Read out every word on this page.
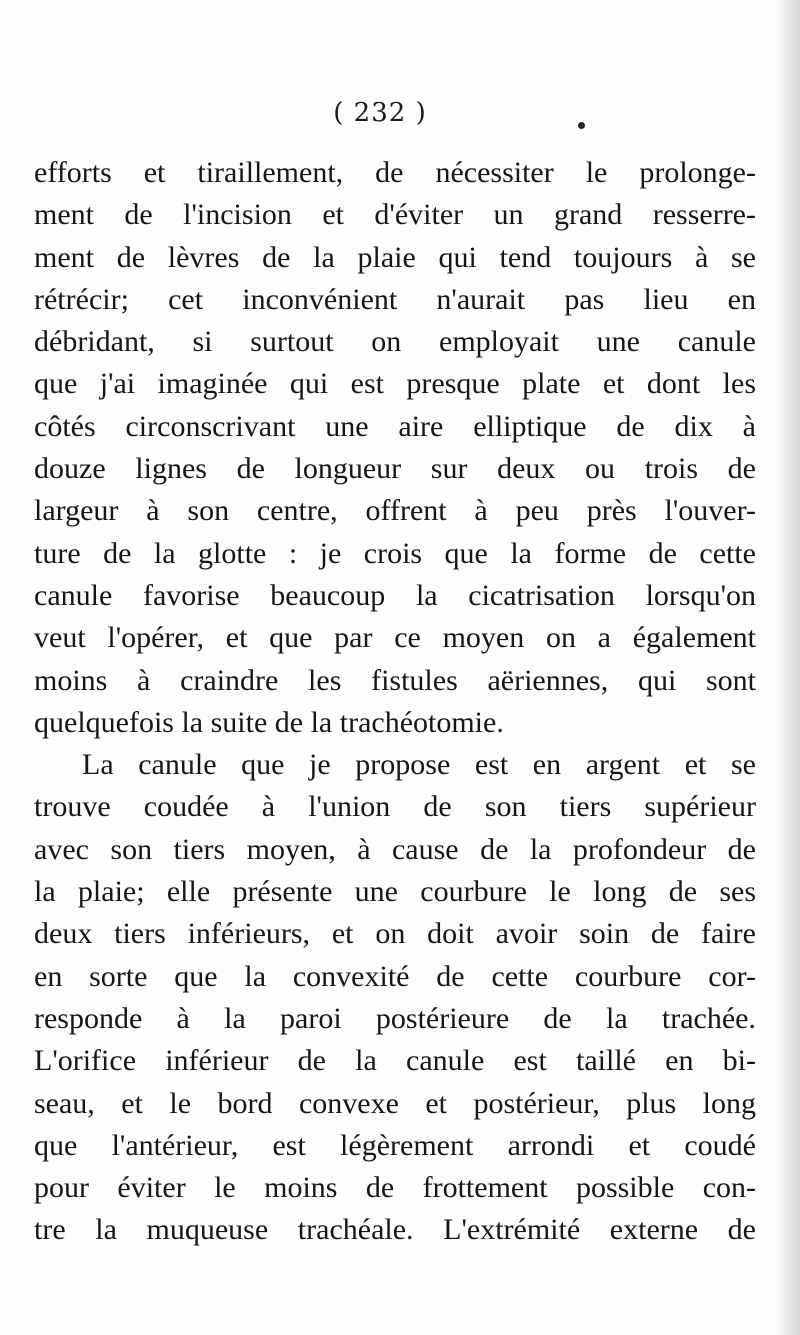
( 232 )
efforts et tiraillement, de nécessiter le prolonge-
ment de l'incision et d'éviter un grand resserre-
ment de lèvres de la plaie qui tend toujours à se
rétrécir; cet inconvénient n'aurait pas lieu en
débridant, si surtout on employait une canule
que j'ai imaginée qui est presque plate et dont les
côtés circonscrivant une aire elliptique de dix à
douze lignes de longueur sur deux ou trois de
largeur à son centre, offrent à peu près l'ouver-
ture de la glotte : je crois que la forme de cette
canule favorise beaucoup la cicatrisation lorsqu'on
veut l'opérer, et que par ce moyen on a également
moins à craindre les fistules aëriennes, qui sont
quelquefois la suite de la trachéotomie.
La canule que je propose est en argent et se
trouve coudée à l'union de son tiers supérieur
avec son tiers moyen, à cause de la profondeur de
la plaie; elle présente une courbure le long de ses
deux tiers inférieurs, et on doit avoir soin de faire
en sorte que la convexité de cette courbure cor-
responde à la paroi postérieure de la trachée.
L'orifice inférieur de la canule est taillé en bi-
seau, et le bord convexe et postérieur, plus long
que l'antérieur, est légèrement arrondi et coudé
pour éviter le moins de frottement possible con-
tre la muqueuse trachéale. L'extrémité externe de
